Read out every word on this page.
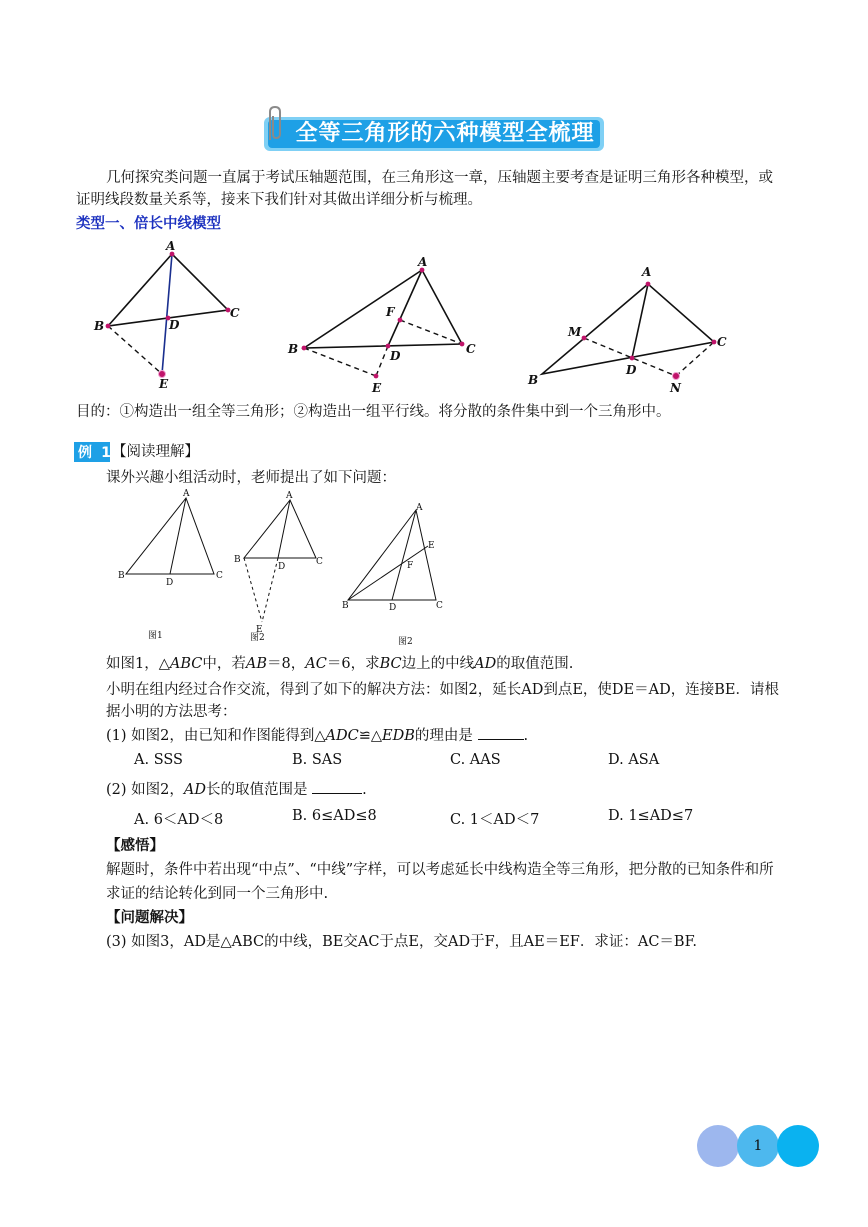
全等三角形的六种模型全梳理
几何探究类问题一直属于考试压轴题范围，在三角形这一章，压轴题主要考查是证明三角形各种模型，或
证明线段数量关系等，接来下我们针对其做出详细分析与梳理。
类型一、倍长中线模型
A
B
C
D
E
A
B	C
D
E
F
A
B
C
D
M
N
目的：①构造出一组全等三角形；②构造出一组平行线。将分散的条件集中到一个三角形中。
例 1 【阅读理解】
课外兴趣小组活动时，老师提出了如下问题：
A
B
D
C
图1
A
B
D	C
E
图2
A
E
F
B	D	C
图2
如图1，△ABC中，若AB＝8，AC＝6，求BC边上的中线AD的取值范围.
小明在组内经过合作交流，得到了如下的解决方法：如图2，延长AD到点E，使DE＝AD，连接BE．请根
据小明的方法思考：
(1) 如图2，由已知和作图能得到△ADC≌△EDB的理由是	.
A. SSS	B. SAS	C. AAS	D. ASA
(2) 如图2，AD长的取值范围是	.
A. 6＜AD＜8	B. 6≤AD≤8	C. 1＜AD＜7	D. 1≤AD≤7
【感悟】
解题时，条件中若出现“中点”、“中线”字样，可以考虑延长中线构造全等三角形，把分散的已知条件和所
求证的结论转化到同一个三角形中.
【问题解决】
(3) 如图3，AD是△ABC的中线，BE交AC于点E，交AD于F，且AE＝EF．求证：AC＝BF.
1
